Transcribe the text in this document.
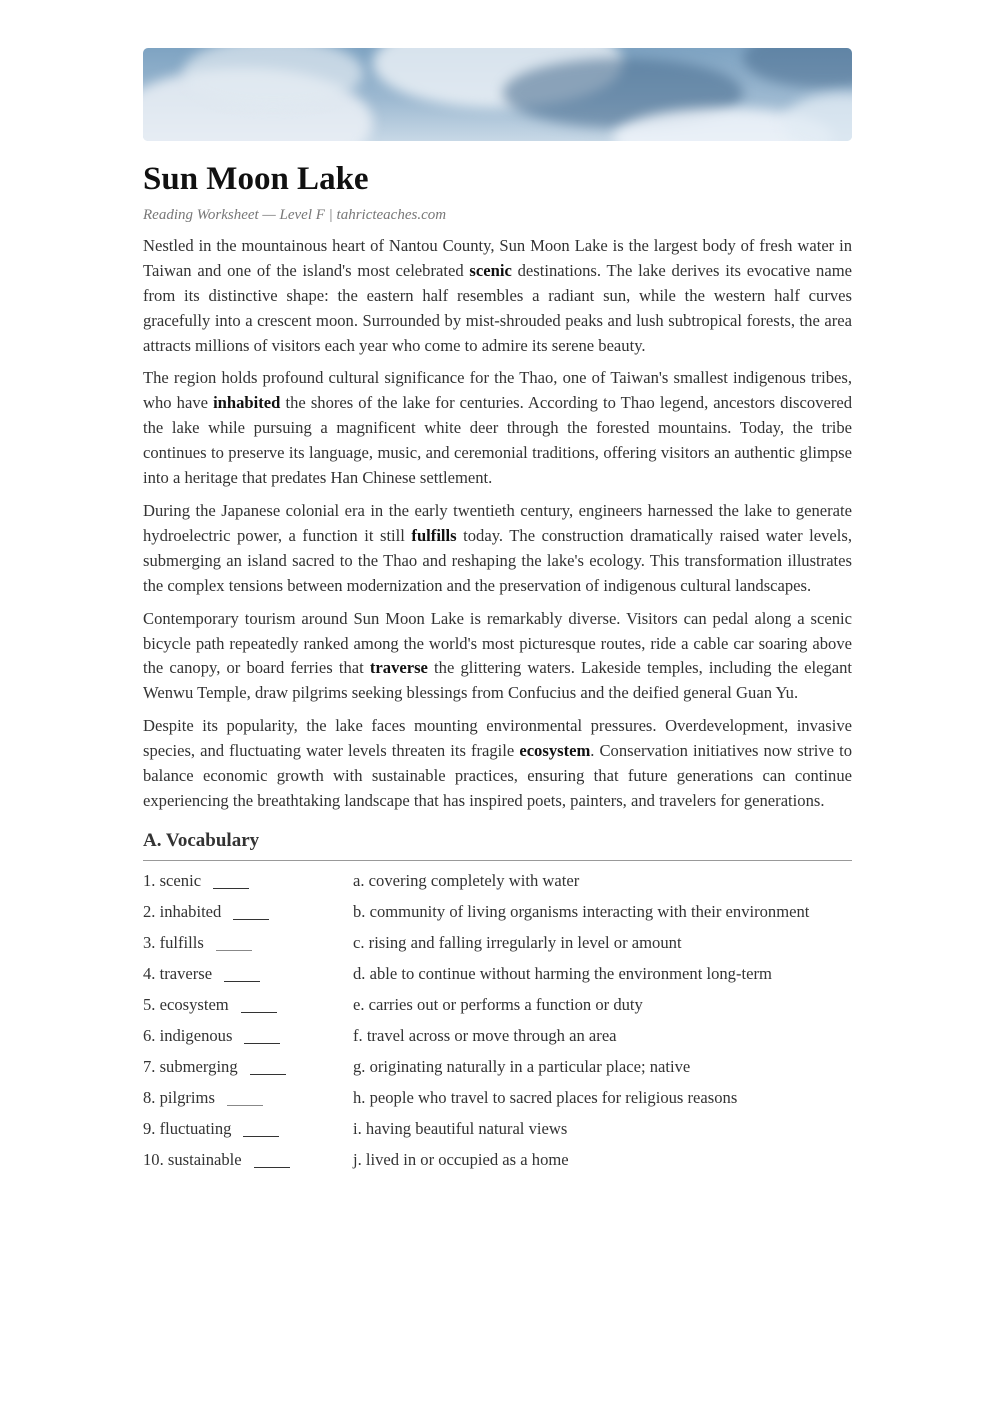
Sun Moon Lake
Reading Worksheet — Level F | tahricteaches.com

Nestled in the mountainous heart of Nantou County, Sun Moon Lake is the largest body of fresh water in Taiwan and one of the island's most celebrated scenic destinations. The lake derives its evocative name from its distinctive shape: the eastern half resembles a radiant sun, while the western half curves gracefully into a crescent moon. Surrounded by mist-shrouded peaks and lush subtropical forests, the area attracts millions of visitors each year who come to admire its serene beauty.

The region holds profound cultural significance for the Thao, one of Taiwan's smallest indigenous tribes, who have inhabited the shores of the lake for centuries. According to Thao legend, ancestors discovered the lake while pursuing a magnificent white deer through the forested mountains. Today, the tribe continues to preserve its language, music, and ceremonial traditions, offering visitors an authentic glimpse into a heritage that predates Han Chinese settlement.

During the Japanese colonial era in the early twentieth century, engineers harnessed the lake to generate hydroelectric power, a function it still fulfills today. The construction dramatically raised water levels, submerging an island sacred to the Thao and reshaping the lake's ecology. This transformation illustrates the complex tensions between modernization and the preservation of indigenous cultural landscapes.

Contemporary tourism around Sun Moon Lake is remarkably diverse. Visitors can pedal along a scenic bicycle path repeatedly ranked among the world's most picturesque routes, ride a cable car soaring above the canopy, or board ferries that traverse the glittering waters. Lakeside temples, including the elegant Wenwu Temple, draw pilgrims seeking blessings from Confucius and the deified general Guan Yu.

Despite its popularity, the lake faces mounting environmental pressures. Overdevelopment, invasive species, and fluctuating water levels threaten its fragile ecosystem. Conservation initiatives now strive to balance economic growth with sustainable practices, ensuring that future generations can continue experiencing the breathtaking landscape that has inspired poets, painters, and travelers for generations.

A. Vocabulary
1. scenic	a. covering completely with water
2. inhabited	b. community of living organisms interacting with their environment
3. fulfills	c. rising and falling irregularly in level or amount
4. traverse	d. able to continue without harming the environment long-term
5. ecosystem	e. carries out or performs a function or duty
6. indigenous	f. travel across or move through an area
7. submerging	g. originating naturally in a particular place; native
8. pilgrims	h. people who travel to sacred places for religious reasons
9. fluctuating	i. having beautiful natural views
10. sustainable	j. lived in or occupied as a home
